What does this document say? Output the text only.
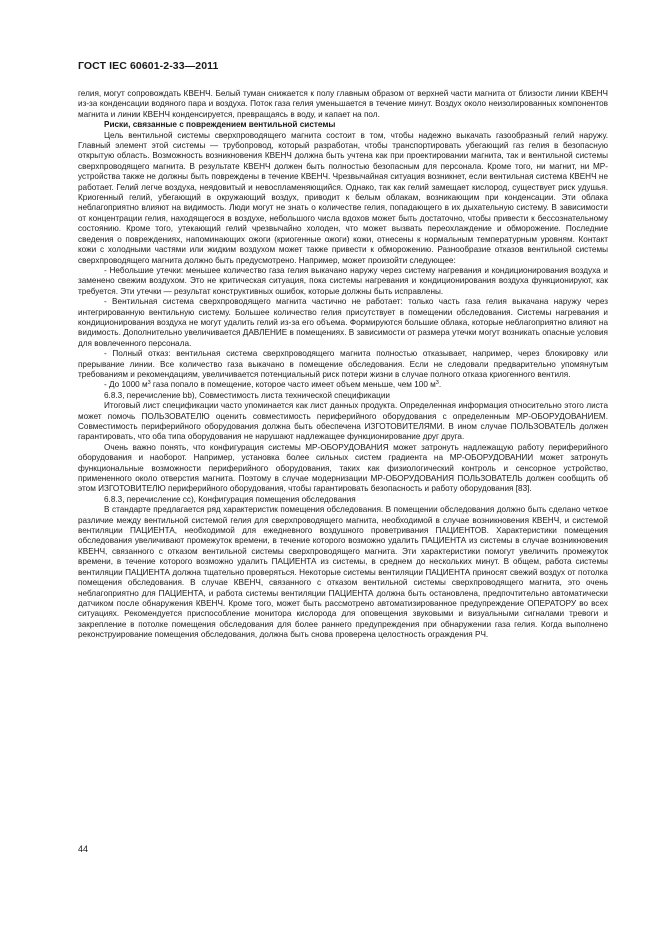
ГОСТ IEC 60601-2-33—2011

гелия, могут сопровождать КВЕНЧ. Белый туман снижается к полу главным образом от верхней части магнита от близости линии КВЕНЧ из-за конденсации водяного пара и воздуха. Поток газа гелия уменьшается в течение минут. Воздух около неизолированных компонентов магнита и линии КВЕНЧ конденсируется, превращаясь в воду, и капает на пол.

Риски, связанные с повреждением вентильной системы

Цель вентильной системы сверхпроводящего магнита состоит в том, чтобы надежно выкачать газообразный гелий наружу. Главный элемент этой системы — трубопровод, который разработан, чтобы транспортировать убегающий газ гелия в безопасную открытую область. Возможность возникновения КВЕНЧ должна быть учтена как при проектировании магнита, так и вентильной системы сверхпроводящего магнита. В результате КВЕНЧ должен быть полностью безопасным для персонала. Кроме того, ни магнит, ни МР-устройства также не должны быть повреждены в течение КВЕНЧ. Чрезвычайная ситуация возникнет, если вентильная система КВЕНЧ не работает. Гелий легче воздуха, неядовитый и невоспламеняющийся. Однако, так как гелий замещает кислород, существует риск удушья. Криогенный гелий, убегающий в окружающий воздух, приводит к белым облакам, возникающим при конденсации. Эти облака неблагоприятно влияют на видимость. Люди могут не знать о количестве гелия, попадающего в их дыхательную систему. В зависимости от концентрации гелия, находящегося в воздухе, небольшого числа вдохов может быть достаточно, чтобы привести к бессознательному состоянию. Кроме того, утекающий гелий чрезвычайно холоден, что может вызвать переохлаждение и обморожение. Последние сведения о повреждениях, напоминающих ожоги (криогенные ожоги) кожи, отнесены к нормальным температурным уровням. Контакт кожи с холодными частями или жидким воздухом может также привести к обморожению. Разнообразие отказов вентильной системы сверхпроводящего магнита должно быть предусмотрено. Например, может произойти следующее:

- Небольшие утечки: меньшее количество газа гелия выкачано наружу через систему нагревания и кондиционирования воздуха и заменено свежим воздухом. Это не критическая ситуация, пока системы нагревания и кондиционирования воздуха функционируют, как требуется. Эти утечки — результат конструктивных ошибок, которые должны быть исправлены.

- Вентильная система сверхпроводящего магнита частично не работает: только часть газа гелия выкачана наружу через интегрированную вентильную систему. Большее количество гелия присутствует в помещении обследования. Системы нагревания и кондиционирования воздуха не могут удалить гелий из-за его объема. Формируются большие облака, которые неблагоприятно влияют на видимость. Дополнительно увеличивается ДАВЛЕНИЕ в помещениях. В зависимости от размера утечки могут возникать опасные условия для вовлеченного персонала.

- Полный отказ: вентильная система сверхпроводящего магнита полностью отказывает, например, через блокировку или прерывание линии. Все количество газа выкачано в помещение обследования. Если не следовали предварительно упомянутым требованиям и рекомендациям, увеличивается потенциальный риск потери жизни в случае полного отказа криогенного вентиля.

- До 1000 $м^3$ газа попало в помещение, которое часто имеет объем меньше, чем 100 $м^3$.

6.8.3, перечисление bb), Совместимость листа технической спецификации

Итоговый лист спецификации часто упоминается как лист данных продукта. Определенная информация относительно этого листа может помочь ПОЛЬЗОВАТЕЛЮ оценить совместимость периферийного оборудования с определенным МР-ОБОРУДОВАНИЕМ. Совместимость периферийного оборудования должна быть обеспечена ИЗГОТОВИТЕЛЯМИ. В ином случае ПОЛЬЗОВАТЕЛЬ должен гарантировать, что оба типа оборудования не нарушают надлежащее функционирование друг друга.

Очень важно понять, что конфигурация системы МР-ОБОРУДОВАНИЯ может затронуть надлежащую работу периферийного оборудования и наоборот. Например, установка более сильных систем градиента на МР-ОБОРУДОВАНИИ может затронуть функциональные возможности периферийного оборудования, таких как физиологический контроль и сенсорное устройство, примененного около отверстия магнита. Поэтому в случае модернизации МР-ОБОРУДОВАНИЯ ПОЛЬЗОВАТЕЛЬ должен сообщить об этом ИЗГОТОВИТЕЛЮ периферийного оборудования, чтобы гарантировать безопасность и работу оборудования [83].

6.8.3, перечисление cc), Конфигурация помещения обследования

В стандарте предлагается ряд характеристик помещения обследования. В помещении обследования должно быть сделано четкое различие между вентильной системой гелия для сверхпроводящего магнита, необходимой в случае возникновения КВЕНЧ, и системой вентиляции ПАЦИЕНТА, необходимой для ежедневного воздушного проветривания ПАЦИЕНТОВ. Характеристики помещения обследования увеличивают промежуток времени, в течение которого возможно удалить ПАЦИЕНТА из системы в случае возникновения КВЕНЧ, связанного с отказом вентильной системы сверхпроводящего магнита. Эти характеристики помогут увеличить промежуток времени, в течение которого возможно удалить ПАЦИЕНТА из системы, в среднем до нескольких минут. В общем, работа системы вентиляции ПАЦИЕНТА должна тщательно проверяться. Некоторые системы вентиляции ПАЦИЕНТА приносят свежий воздух от потолка помещения обследования. В случае КВЕНЧ, связанного с отказом вентильной системы сверхпроводящего магнита, это очень неблагоприятно для ПАЦИЕНТА, и работа системы вентиляции ПАЦИЕНТА должна быть остановлена, предпочтительно автоматически датчиком после обнаружения КВЕНЧ. Кроме того, может быть рассмотрено автоматизированное предупреждение ОПЕРАТОРУ во всех ситуациях. Рекомендуется приспособление монитора кислорода для оповещения звуковыми и визуальными сигналами тревоги и закрепление в потолке помещения обследования для более раннего предупреждения при обнаружении газа гелия. Когда выполнено реконструирование помещения обследования, должна быть снова проверена целостность ограждения РЧ.

44
